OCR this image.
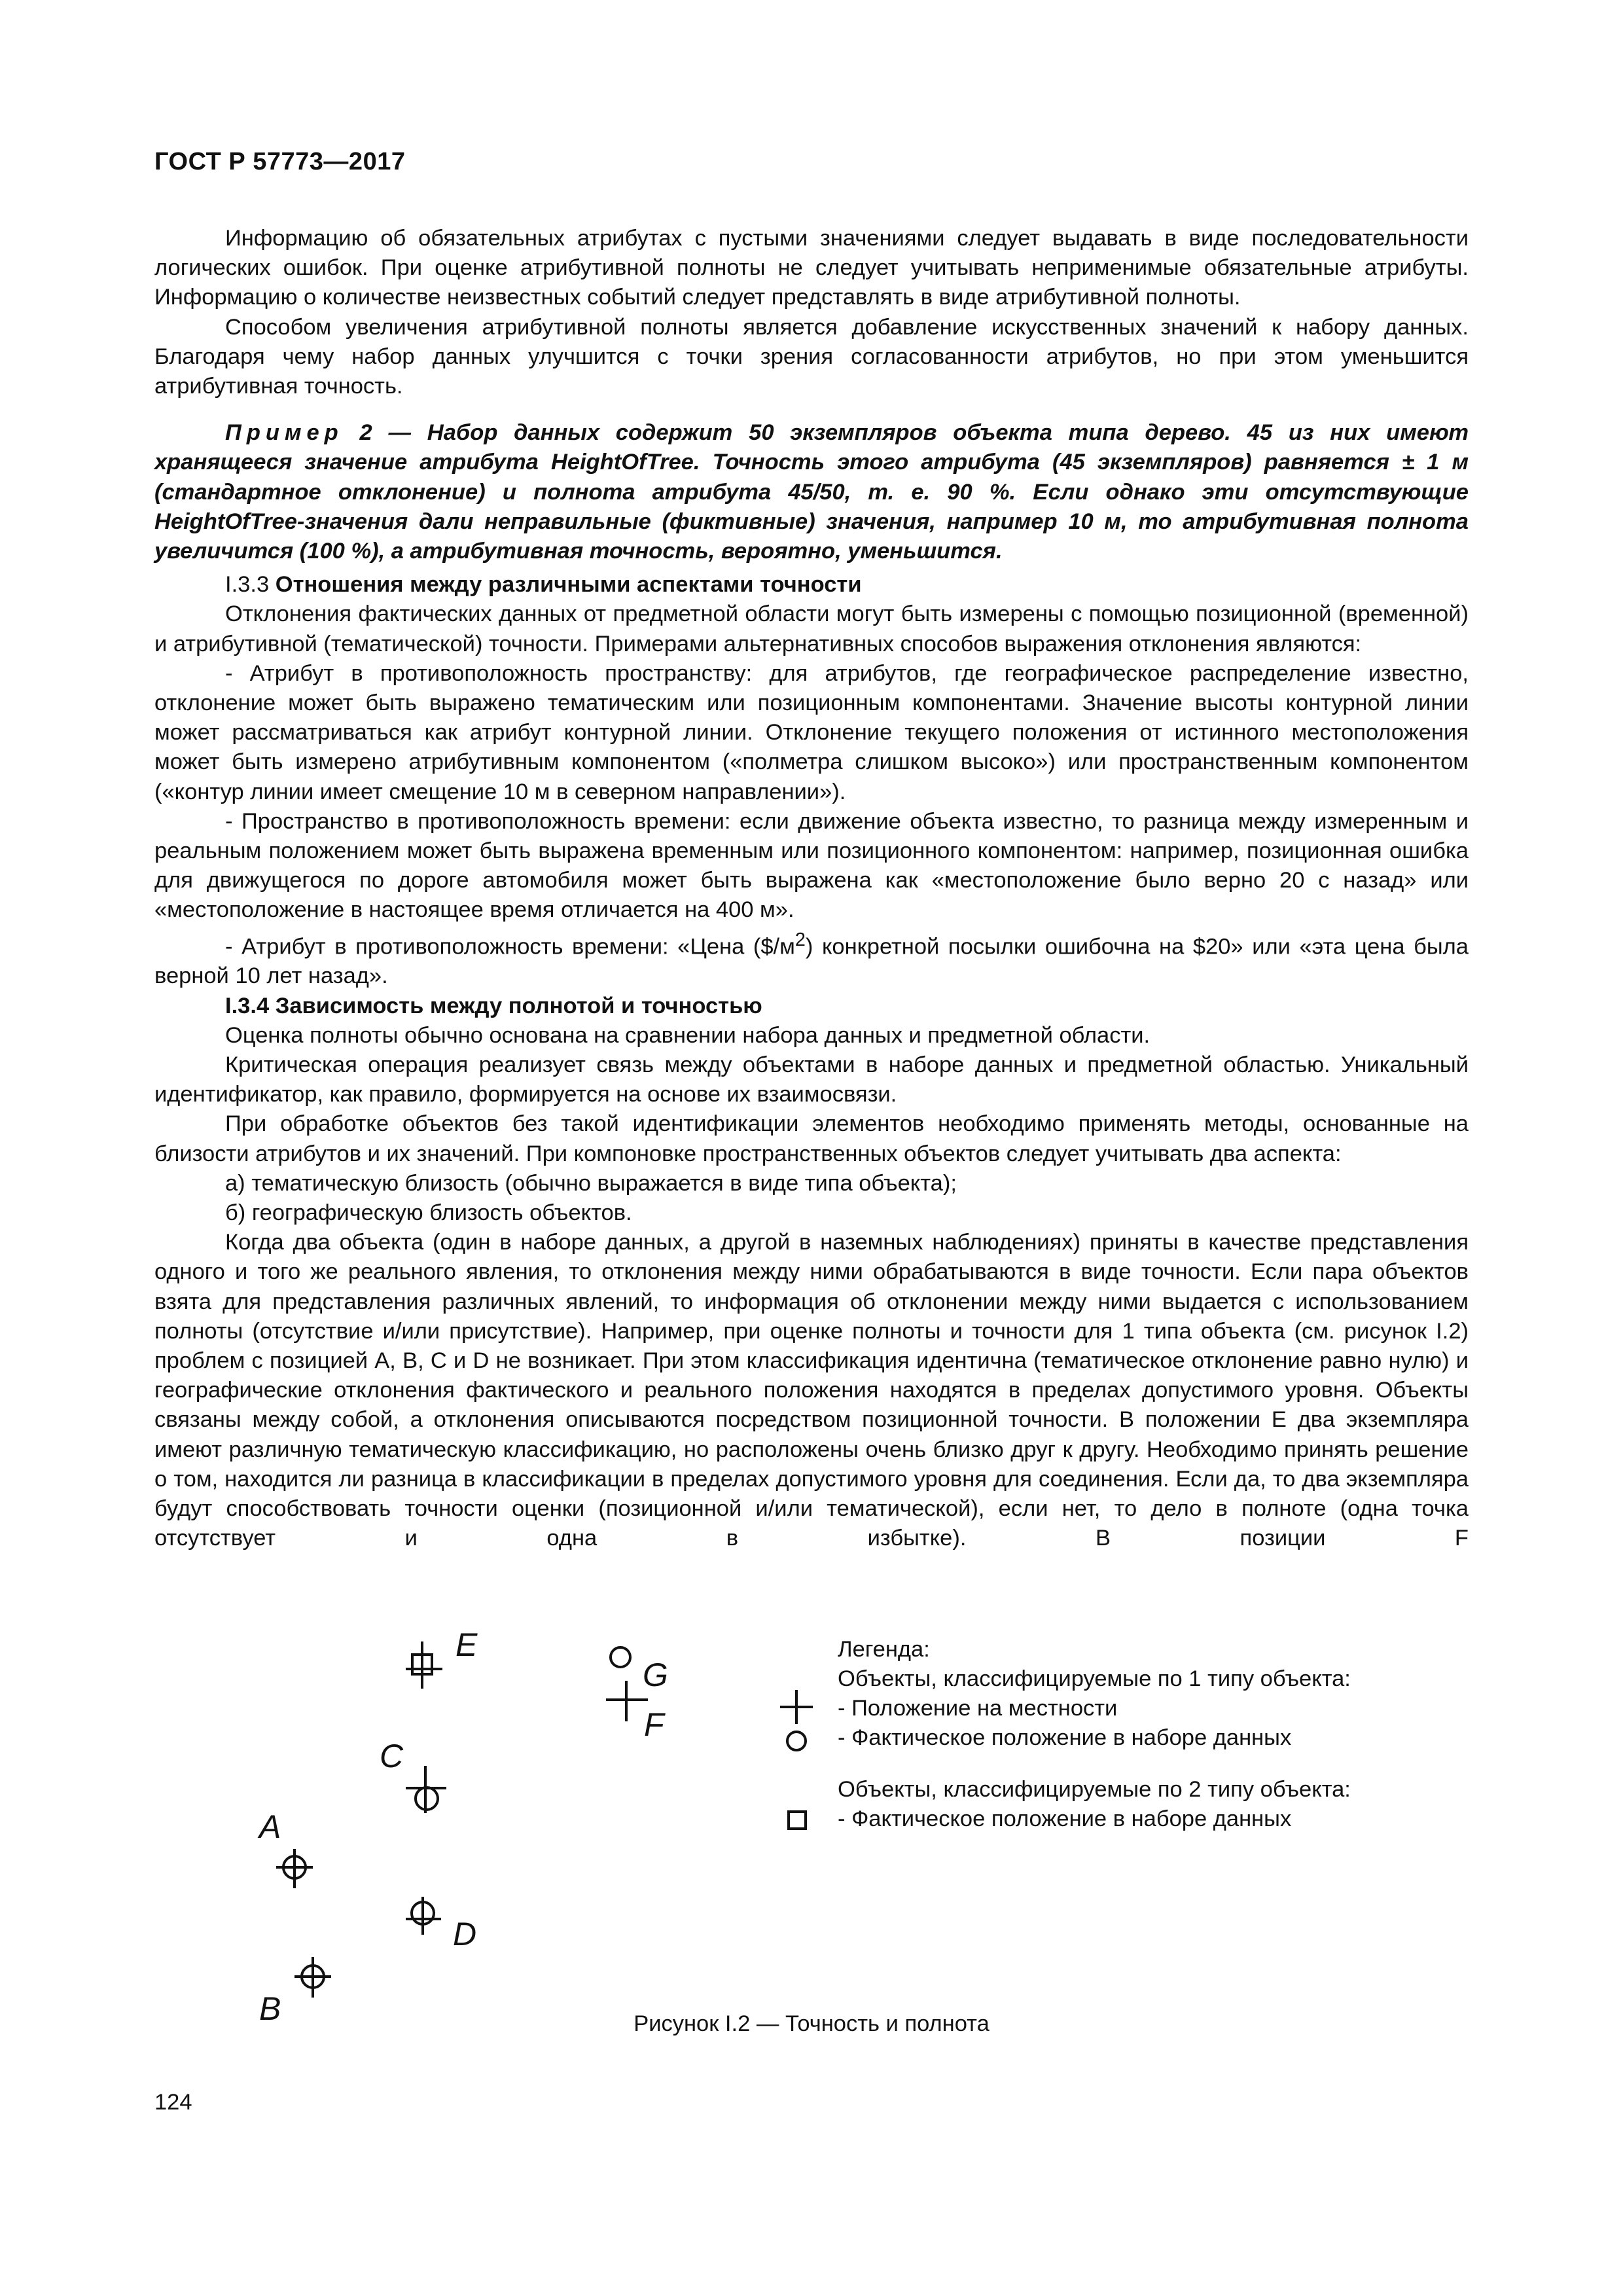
ГОСТ Р 57773—2017

Информацию об обязательных атрибутах с пустыми значениями следует выдавать в виде последовательности логических ошибок. При оценке атрибутивной полноты не следует учитывать неприменимые обязательные атрибуты. Информацию о количестве неизвестных событий следует представлять в виде атрибутивной полноты.

Способом увеличения атрибутивной полноты является добавление искусственных значений к набору данных. Благодаря чему набор данных улучшится с точки зрения согласованности атрибутов, но при этом уменьшится атрибутивная точность.

Пример 2 — Набор данных содержит 50 экземпляров объекта типа дерево. 45 из них имеют хранящееся значение атрибута HeightOfTree. Точность этого атрибута (45 экземпляров) равняется ± 1 м (стандартное отклонение) и полнота атрибута 45/50, т. е. 90 %. Если однако эти отсутствующие HeightOfTree-значения дали неправильные (фиктивные) значения, например 10 м, то атрибутивная полнота увеличится (100 %), а атрибутивная точность, вероятно, уменьшится.

I.3.3 Отношения между различными аспектами точности

Отклонения фактических данных от предметной области могут быть измерены с помощью позиционной (временной) и атрибутивной (тематической) точности. Примерами альтернативных способов выражения отклонения являются:

- Атрибут в противоположность пространству: для атрибутов, где географическое распределение известно, отклонение может быть выражено тематическим или позиционным компонентами. Значение высоты контурной линии может рассматриваться как атрибут контурной линии. Отклонение текущего положения от истинного местоположения может быть измерено атрибутивным компонентом («полметра слишком высоко») или пространственным компонентом («контур линии имеет смещение 10 м в северном направлении»).

- Пространство в противоположность времени: если движение объекта известно, то разница между измеренным и реальным положением может быть выражена временным или позиционного компонентом: например, позиционная ошибка для движущегося по дороге автомобиля может быть выражена как «местоположение было верно 20 с назад» или «местоположение в настоящее время отличается на 400 м».

- Атрибут в противоположность времени: «Цена $(\$/м^2)$ конкретной посылки ошибочна на $20» или «эта цена была верной 10 лет назад».

I.3.4 Зависимость между полнотой и точностью

Оценка полноты обычно основана на сравнении набора данных и предметной области.

Критическая операция реализует связь между объектами в наборе данных и предметной областью. Уникальный идентификатор, как правило, формируется на основе их взаимосвязи.

При обработке объектов без такой идентификации элементов необходимо применять методы, основанные на близости атрибутов и их значений. При компоновке пространственных объектов следует учитывать два аспекта:

а) тематическую близость (обычно выражается в виде типа объекта);

б) географическую близость объектов.

Когда два объекта (один в наборе данных, а другой в наземных наблюдениях) приняты в качестве представления одного и того же реального явления, то отклонения между ними обрабатываются в виде точности. Если пара объектов взята для представления различных явлений, то информация об отклонении между ними выдается с использованием полноты (отсутствие и/или присутствие). Например, при оценке полноты и точности для 1 типа объекта (см. рисунок I.2) проблем с позицией A, B, C и D не возникает. При этом классификация идентична (тематическое отклонение равно нулю) и географические отклонения фактического и реального положения находятся в пределах допустимого уровня. Объекты связаны между собой, а отклонения описываются посредством позиционной точности. В положении E два экземпляра имеют различную тематическую классификацию, но расположены очень близко друг к другу. Необходимо принять решение о том, находится ли разница в классификации в пределах допустимого уровня для соединения. Если да, то два экземпляра будут способствовать точности оценки (позиционной и/или тематической), если нет, то дело в полноте (одна точка отсутствует и одна в избытке). В позиции F

E
G
F
C
A
D
B
Легенда:
Объекты, классифицируемые по 1 типу объекта:
- Положение на местности
- Фактическое положение в наборе данных
Объекты, классифицируемые по 2 типу объекта:
- Фактическое положение в наборе данных
Рисунок I.2 — Точность и полнота
124
